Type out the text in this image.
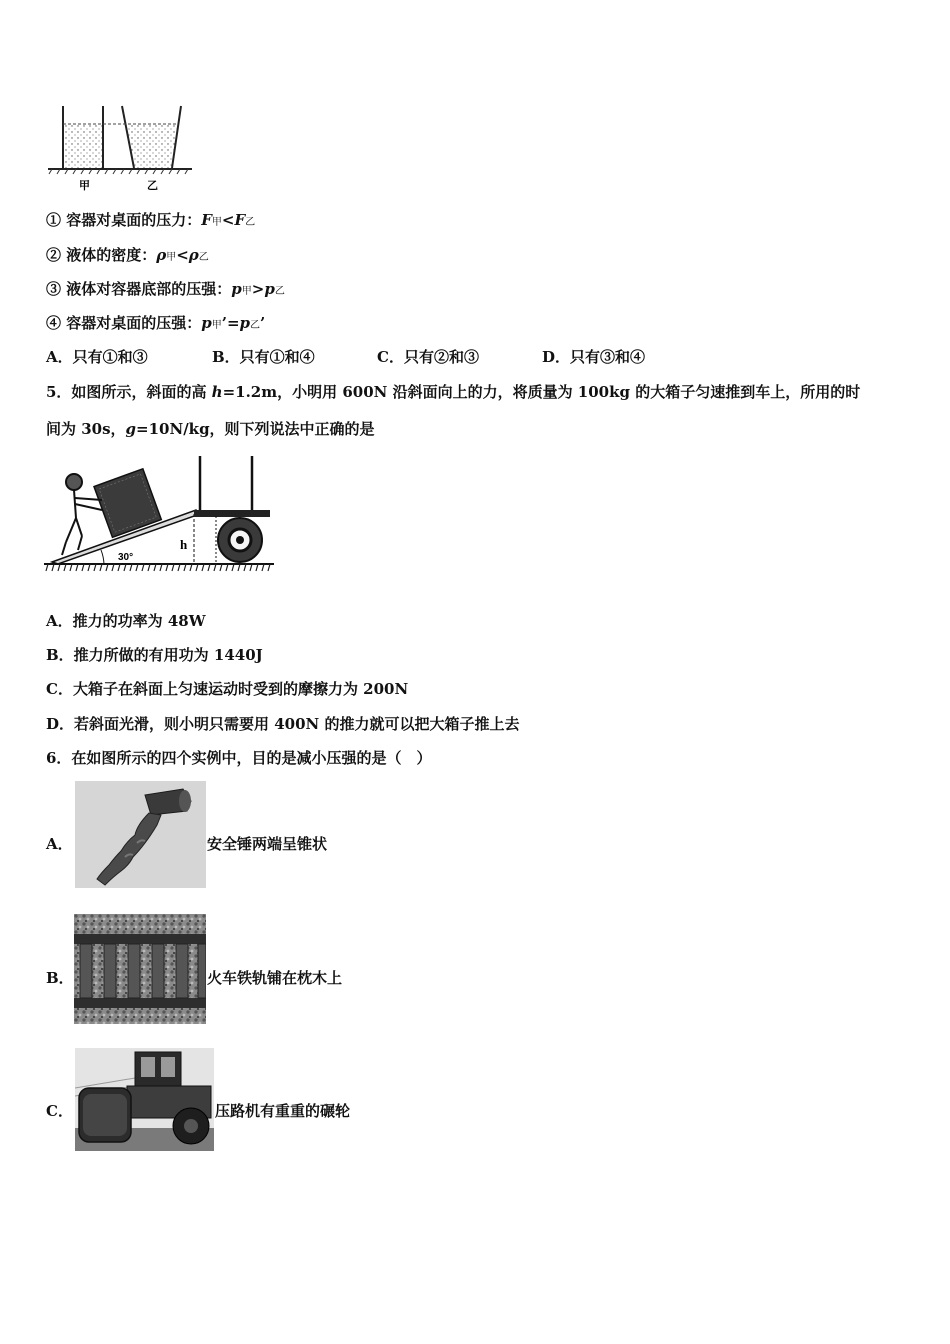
甲	乙
① 容器对桌面的压力：F甲<F乙
② 液体的密度：ρ甲<ρ乙
③ 液体对容器底部的压强：p甲>p乙
④ 容器对桌面的压强：p甲’=p乙’
A．只有①和③	B．只有①和④	C．只有②和③	D．只有③和④
5．如图所示，斜面的高 h=1.2m，小明用 600N 沿斜面向上的力，将质量为 100kg 的大箱子匀速推到车上，所用的时
间为 30s，g=10N/kg，则下列说法中正确的是
30°
h
A．推力的功率为 48W
B．推力所做的有用功为 1440J
C．大箱子在斜面上匀速运动时受到的摩擦力为 200N
D．若斜面光滑，则小明只需要用 400N 的推力就可以把大箱子推上去
6．在如图所示的四个实例中，目的是减小压强的是（　）
A．	安全锤两端呈锥状
B．	火车铁轨铺在枕木上
C．	压路机有重重的碾轮
